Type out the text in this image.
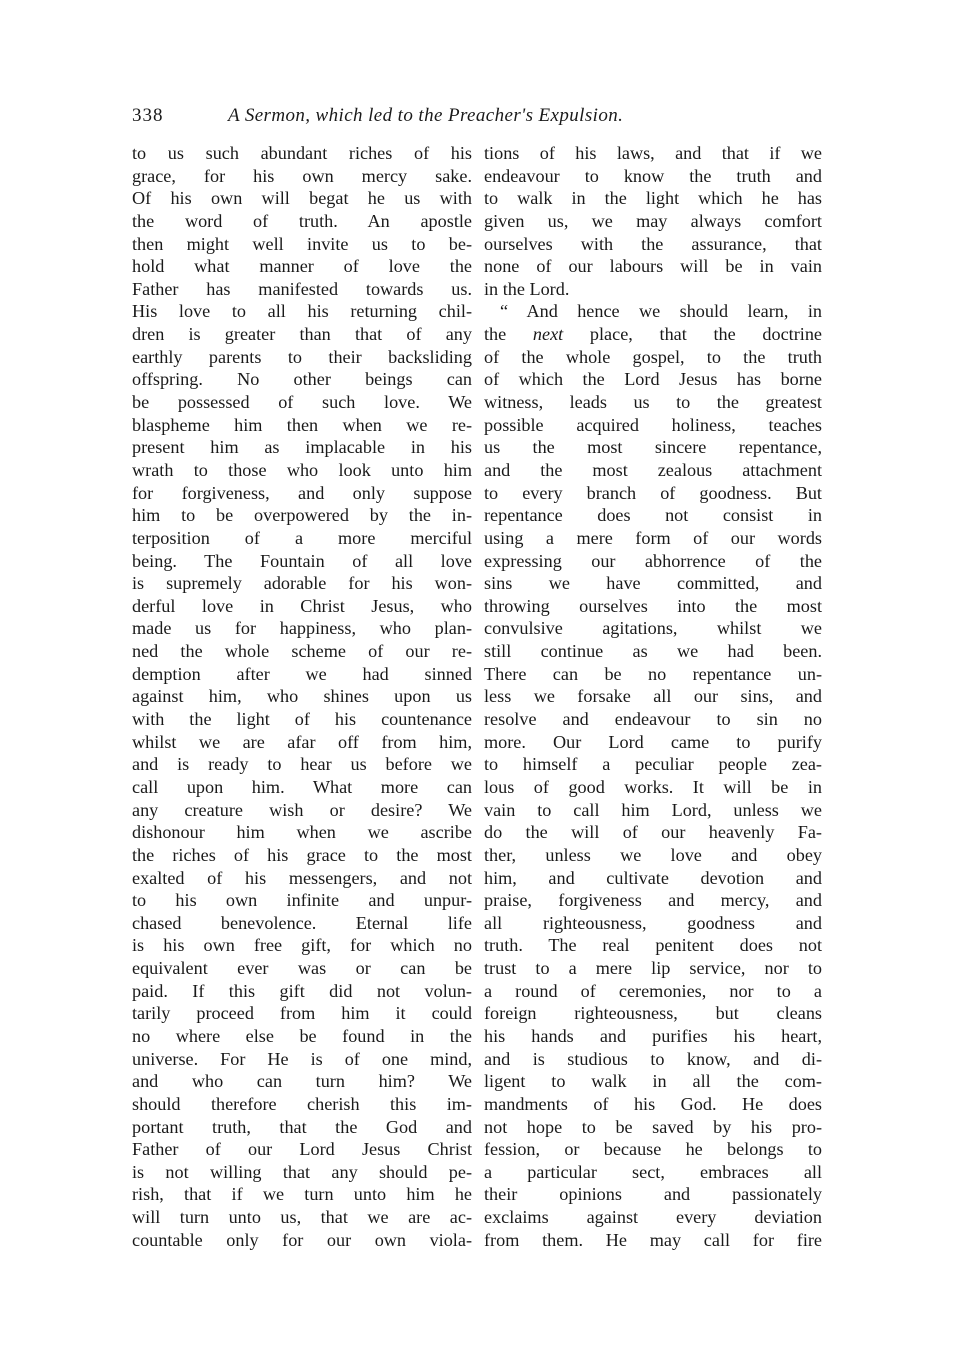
338	A Sermon, which led to the Preacher's Expulsion.
to us such abundant riches of his
grace, for his own mercy sake.
Of his own will begat he us with
the word of truth. An apostle
then might well invite us to be-
hold what manner of love the
Father has manifested towards us.
His love to all his returning chil-
dren is greater than that of any
earthly parents to their backsliding
offspring. No other beings can
be possessed of such love. We
blaspheme him then when we re-
present him as implacable in his
wrath to those who look unto him
for forgiveness, and only suppose
him to be overpowered by the in-
terposition of a more merciful
being. The Fountain of all love
is supremely adorable for his won-
derful love in Christ Jesus, who
made us for happiness, who plan-
ned the whole scheme of our re-
demption after we had sinned
against him, who shines upon us
with the light of his countenance
whilst we are afar off from him,
and is ready to hear us before we
call upon him. What more can
any creature wish or desire? We
dishonour him when we ascribe
the riches of his grace to the most
exalted of his messengers, and not
to his own infinite and unpur-
chased benevolence. Eternal life
is his own free gift, for which no
equivalent ever was or can be
paid. If this gift did not volun-
tarily proceed from him it could
no where else be found in the
universe. For He is of one mind,
and who can turn him? We
should therefore cherish this im-
portant truth, that the God and
Father of our Lord Jesus Christ
is not willing that any should pe-
rish, that if we turn unto him he
will turn unto us, that we are ac-
countable only for our own viola-
tions of his laws, and that if we
endeavour to know the truth and
to walk in the light which he has
given us, we may always comfort
ourselves with the assurance, that
none of our labours will be in vain
in the Lord.
“ And hence we should learn, in
the next place, that the doctrine
of the whole gospel, to the truth
of which the Lord Jesus has borne
witness, leads us to the greatest
possible acquired holiness, teaches
us the most sincere repentance,
and the most zealous attachment
to every branch of goodness. But
repentance does not consist in
using a mere form of our words
expressing our abhorrence of the
sins we have committed, and
throwing ourselves into the most
convulsive agitations, whilst we
still continue as we had been.
There can be no repentance un-
less we forsake all our sins, and
resolve and endeavour to sin no
more. Our Lord came to purify
to himself a peculiar people zea-
lous of good works. It will be in
vain to call him Lord, unless we
do the will of our heavenly Fa-
ther, unless we love and obey
him, and cultivate devotion and
praise, forgiveness and mercy, and
all righteousness, goodness and
truth. The real penitent does not
trust to a mere lip service, nor to
a round of ceremonies, nor to a
foreign righteousness, but cleans
his hands and purifies his heart,
and is studious to know, and di-
ligent to walk in all the com-
mandments of his God. He does
not hope to be saved by his pro-
fession, or because he belongs to
a particular sect, embraces all
their opinions and passionately
exclaims against every deviation
from them. He may call for fire
